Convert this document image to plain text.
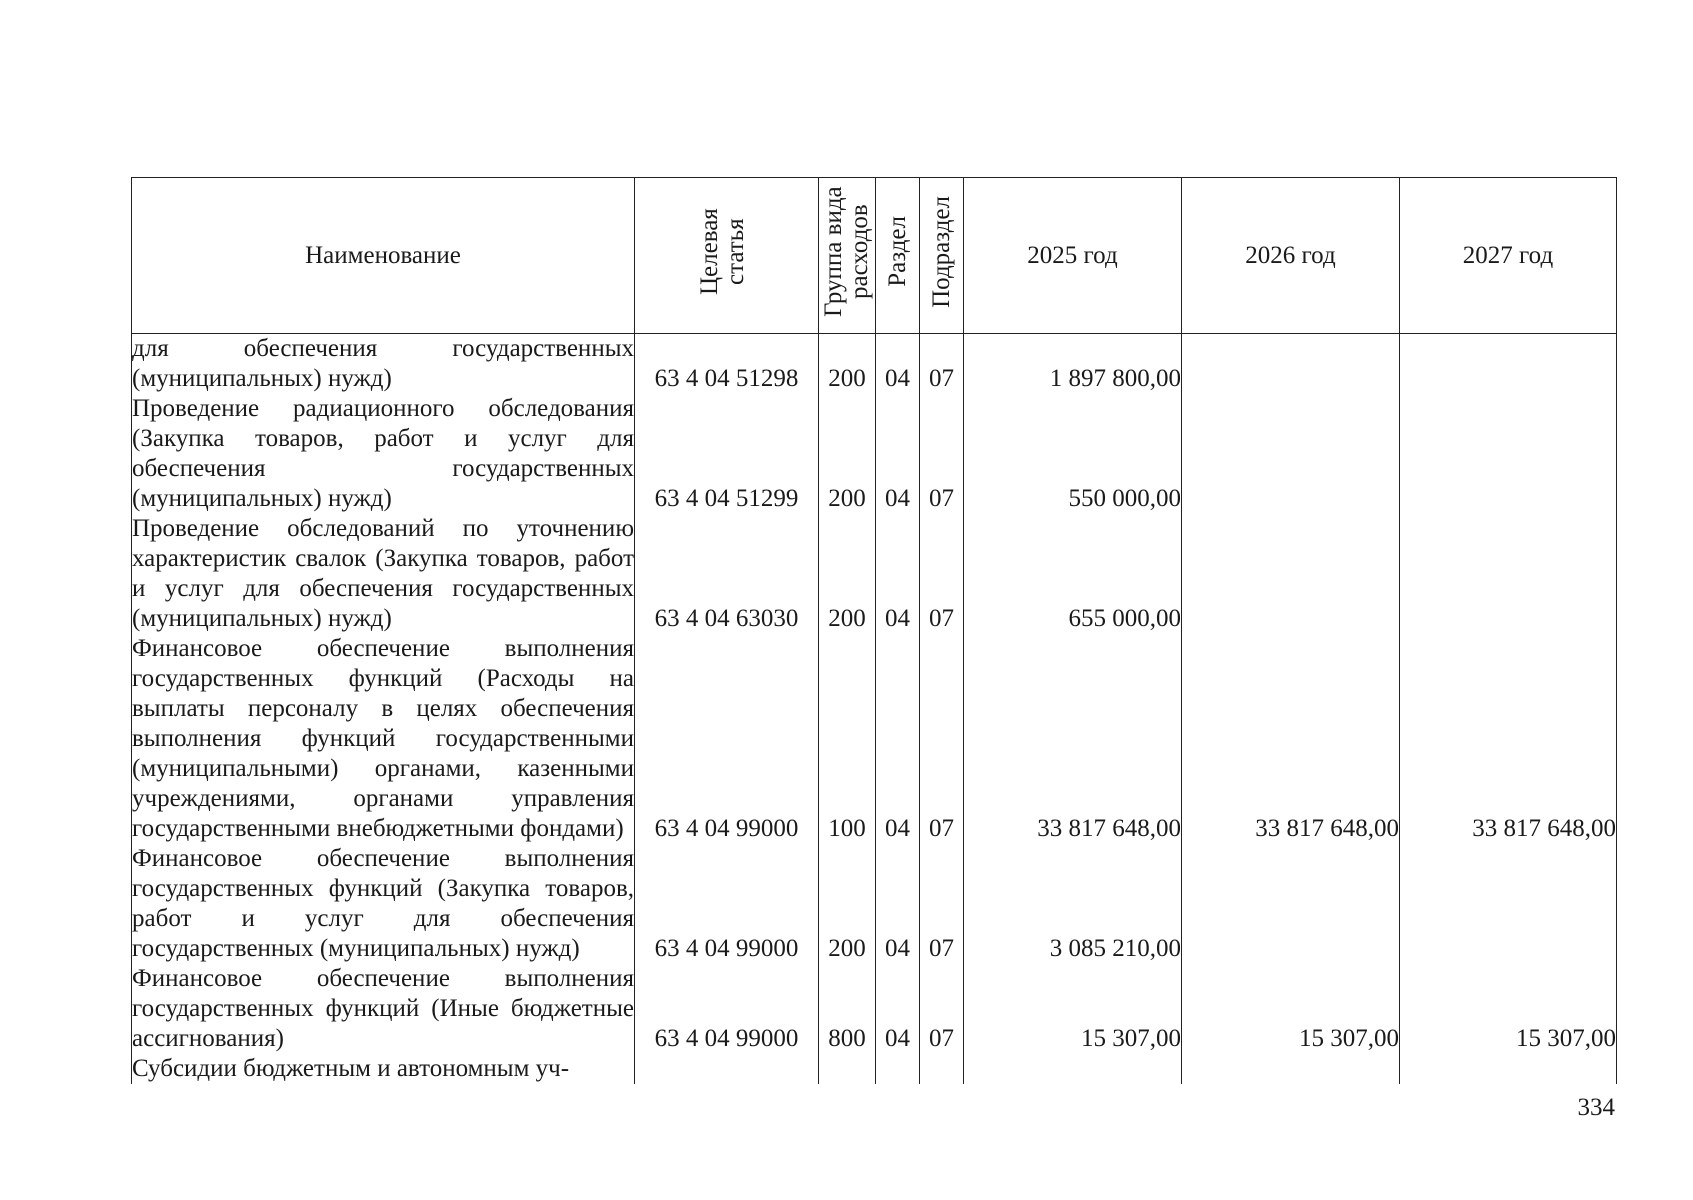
Наименование	Целевая статья	Группа вида расходов	Раздел	Подраздел	2025 год	2026 год	2027 год
для обеспечения государственных (муниципальных) нужд)	63 4 04 51298	200	04	07	1 897 800,00		
Проведение радиационного обследования (Закупка товаров, работ и услуг для обеспечения государственных (муниципальных) нужд)	63 4 04 51299	200	04	07	550 000,00		
Проведение обследований по уточнению характеристик свалок (Закупка товаров, работ и услуг для обеспечения государственных (муниципальных) нужд)	63 4 04 63030	200	04	07	655 000,00		
Финансовое обеспечение выполнения государственных функций (Расходы на выплаты персоналу в целях обеспечения выполнения функций государственными (муниципальными) органами, казенными учреждениями, органами управления государственными внебюджетными фондами)	63 4 04 99000	100	04	07	33 817 648,00	33 817 648,00	33 817 648,00
Финансовое обеспечение выполнения государственных функций (Закупка товаров, работ и услуг для обеспечения государственных (муниципальных) нужд)	63 4 04 99000	200	04	07	3 085 210,00		
Финансовое обеспечение выполнения государственных функций (Иные бюджетные ассигнования)	63 4 04 99000	800	04	07	15 307,00	15 307,00	15 307,00
Субсидии бюджетным и автономным уч-							
334
